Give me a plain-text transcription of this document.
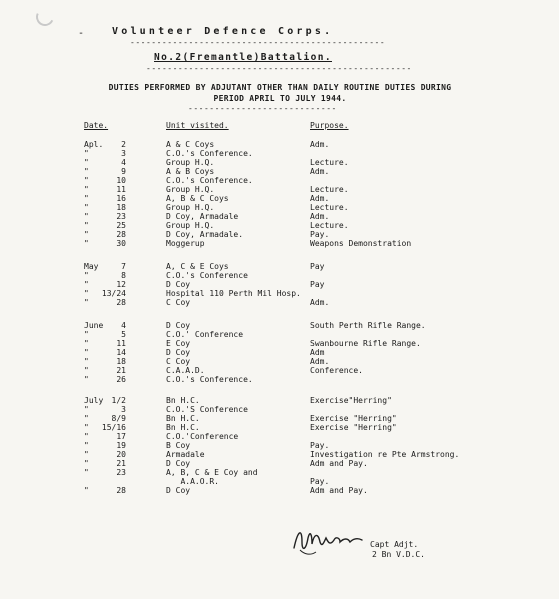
-	Volunteer Defence Corps.
------------------------------------------------
No.2(Fremantle)Battalion.
--------------------------------------------------
DUTIES PERFORMED BY ADJUTANT OTHER THAN DAILY ROUTINE DUTIES DURING
PERIOD APRIL TO JULY 1944.
----------------------------
Date.	Unit visited.	Purpose.
Apl.	2	A & C Coys	Adm.
"	3	C.O.'s Conference.
"	4	Group H.Q.	Lecture.
"	9	A & B Coys	Adm.
"	10	C.O.'s Conference.
"	11	Group H.Q.	Lecture.
"	16	A, B & C Coys	Adm.
"	18	Group H.Q.	Lecture.
"	23	D Coy, Armadale	Adm.
"	25	Group H.Q.	Lecture.
"	28	D Coy, Armadale.	Pay.
"	30	Moggerup	Weapons Demonstration
May	7	A, C & E Coys	Pay
"	8	C.O.'s Conference
"	12	D Coy	Pay
"	13/24	Hospital 110 Perth Mil Hosp.
"	28	C Coy	Adm.
June	4	D Coy	South Perth Rifle Range.
"	5	C.O.' Conference
"	11	E Coy	Swanbourne Rifle Range.
"	14	D Coy	Adm
"	18	C Coy	Adm.
"	21	C.A.A.D.	Conference.
"	26	C.O.'s Conference.
July	1/2	Bn H.C.	Exercise"Herring"
"	3	C.O.'S Conference
"	8/9	Bn H.C.	Exercise "Herring"
"	15/16	Bn H.C.	Exercise "Herring"
"	17	C.O.'Conference
"	19	B Coy	Pay.
"	20	Armadale	Investigation re Pte Armstrong.
"	21	D Coy	Adm and Pay.
"	23	A, B, C & E Coy and
A.A.O.R.	Pay.
"	28	D Coy	Adm and Pay.
Capt Adjt.
2 Bn V.D.C.
